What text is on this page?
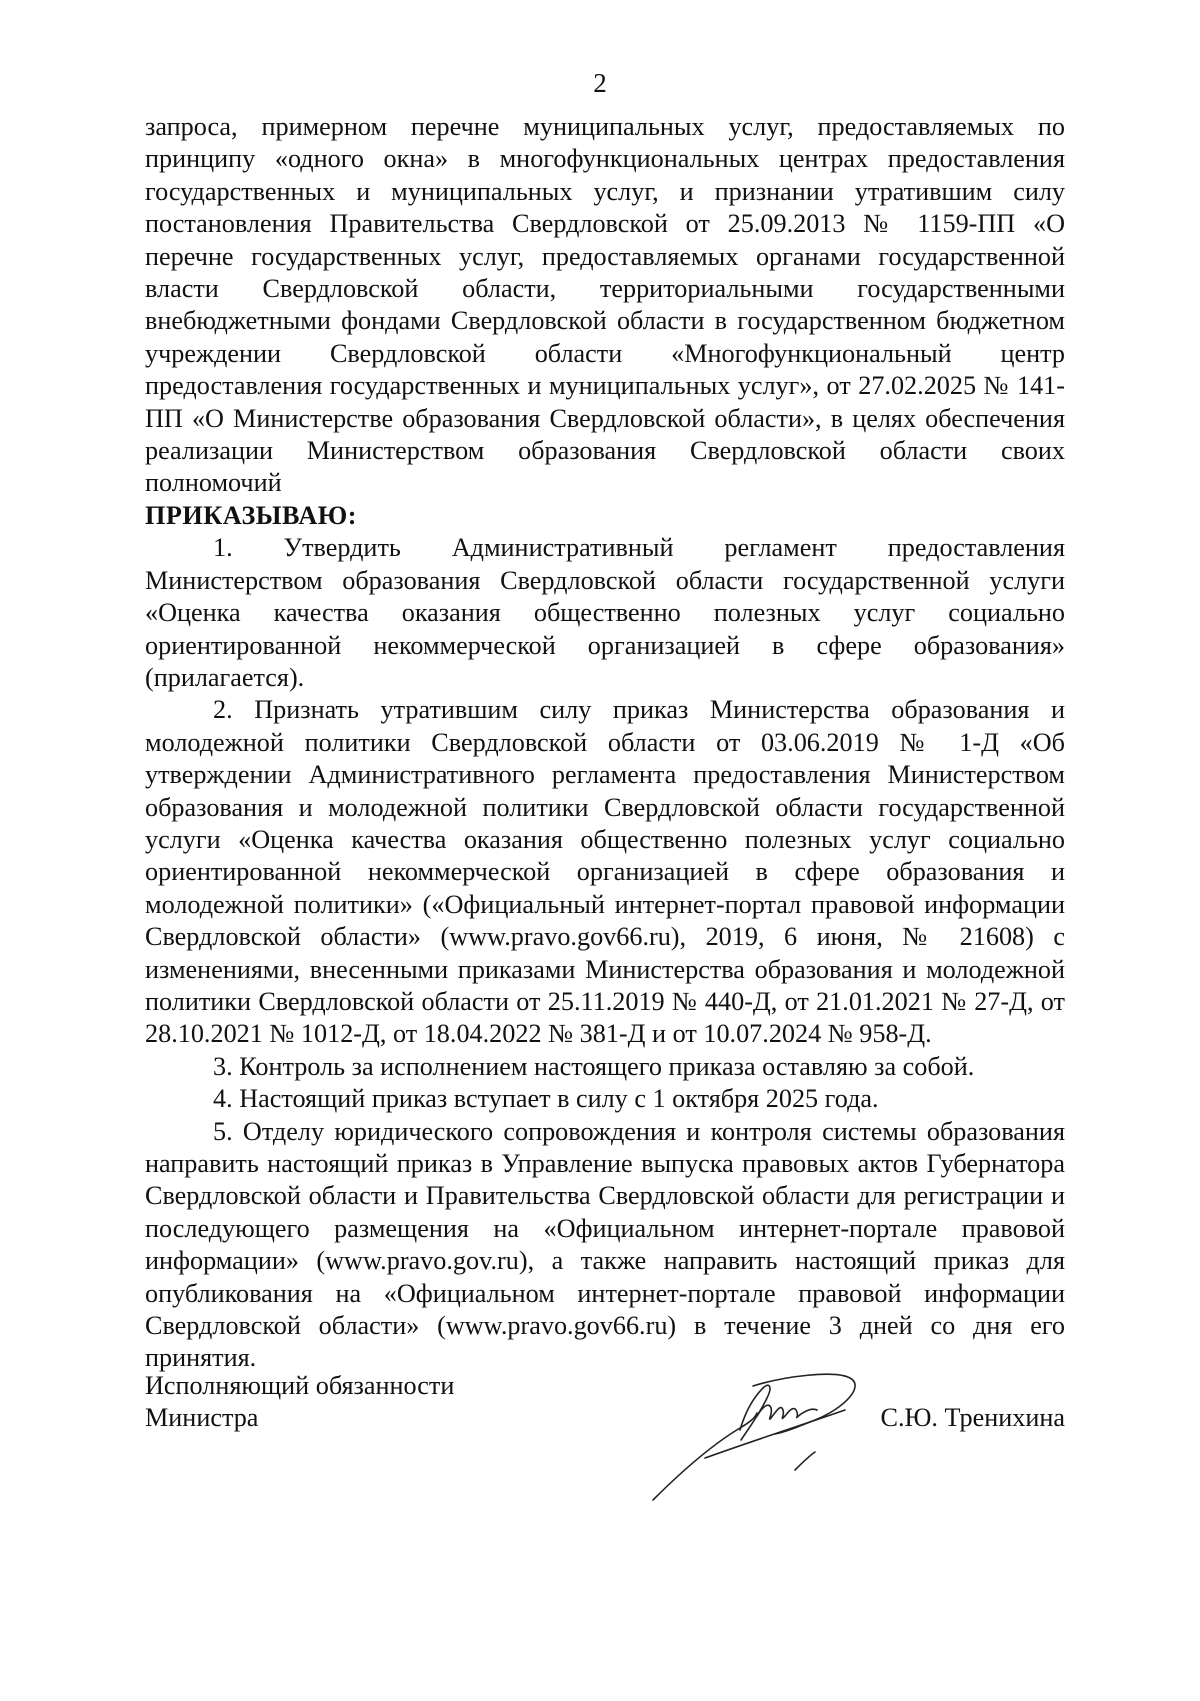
2

запроса, примерном перечне муниципальных услуг, предоставляемых по принципу «одного окна» в многофункциональных центрах предоставления государственных и муниципальных услуг, и признании утратившим силу постановления Правительства Свердловской от 25.09.2013 № 1159-ПП «О перечне государственных услуг, предоставляемых органами государственной власти Свердловской области, территориальными государственными внебюджетными фондами Свердловской области в государственном бюджетном учреждении Свердловской области «Многофункциональный центр предоставления государственных и муниципальных услуг», от 27.02.2025 № 141-ПП «О Министерстве образования Свердловской области», в целях обеспечения реализации Министерством образования Свердловской области своих полномочий

ПРИКАЗЫВАЮ:

1. Утвердить Административный регламент предоставления Министерством образования Свердловской области государственной услуги «Оценка качества оказания общественно полезных услуг социально ориентированной некоммерческой организацией в сфере образования» (прилагается).

2. Признать утратившим силу приказ Министерства образования и молодежной политики Свердловской области от 03.06.2019 № 1-Д «Об утверждении Административного регламента предоставления Министерством образования и молодежной политики Свердловской области государственной услуги «Оценка качества оказания общественно полезных услуг социально ориентированной некоммерческой организацией в сфере образования и молодежной политики» («Официальный интернет-портал правовой информации Свердловской области» (www.pravo.gov66.ru), 2019, 6 июня, № 21608) с изменениями, внесенными приказами Министерства образования и молодежной политики Свердловской области от 25.11.2019 № 440-Д, от 21.01.2021 № 27-Д, от 28.10.2021 № 1012-Д, от 18.04.2022 № 381-Д и от 10.07.2024 № 958-Д.

3. Контроль за исполнением настоящего приказа оставляю за собой.

4. Настоящий приказ вступает в силу с 1 октября 2025 года.

5. Отделу юридического сопровождения и контроля системы образования направить настоящий приказ в Управление выпуска правовых актов Губернатора Свердловской области и Правительства Свердловской области для регистрации и последующего размещения на «Официальном интернет-портале правовой информации» (www.pravo.gov.ru), а также направить настоящий приказ для опубликования на «Официальном интернет-портале правовой информации Свердловской области» (www.pravo.gov66.ru) в течение 3 дней со дня его принятия.

Исполняющий обязанности
Министра	С.Ю. Тренихина
